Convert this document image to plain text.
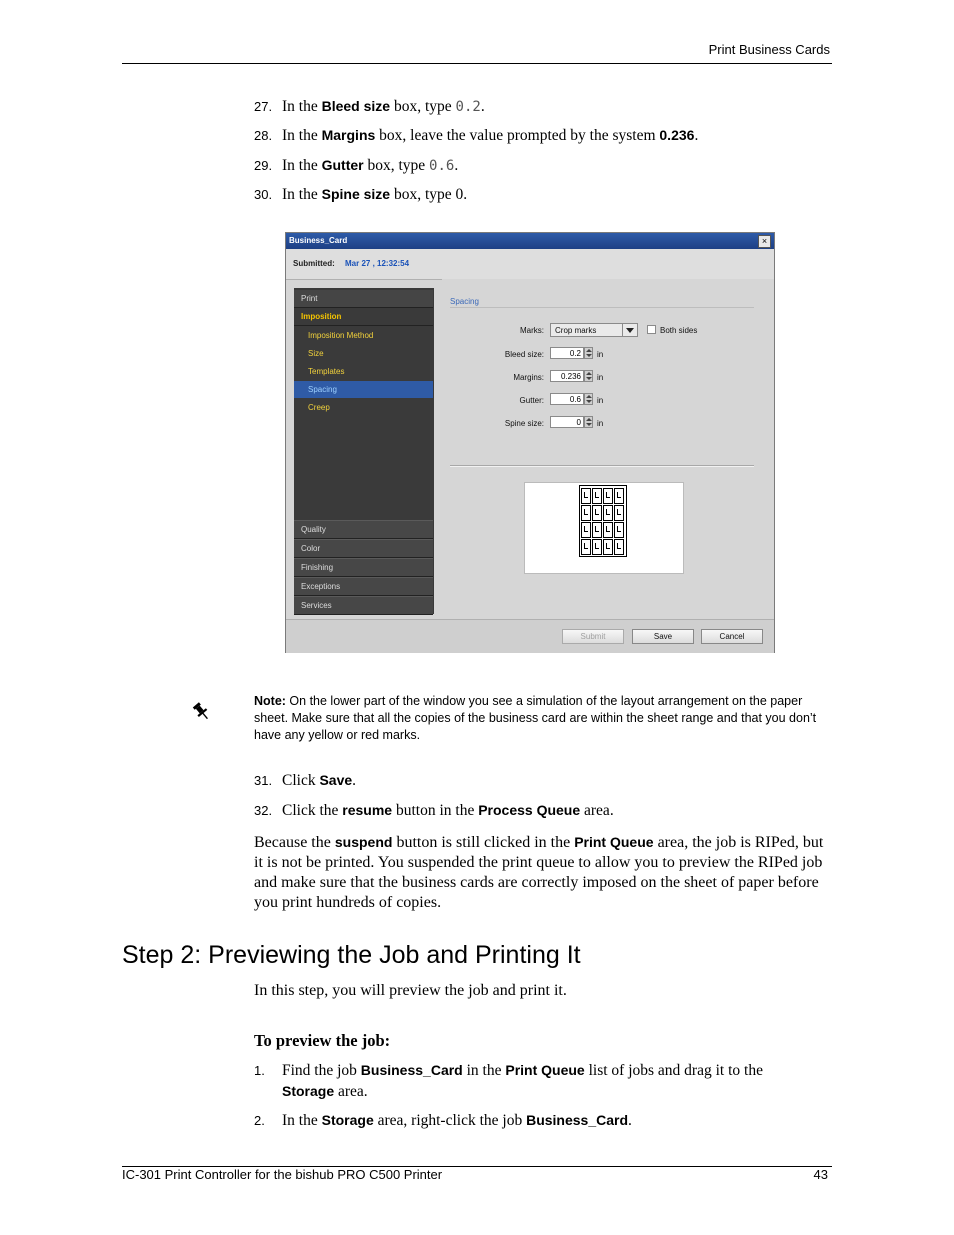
Print Business Cards
27. In the Bleed size box, type 0.2.
28. In the Margins box, leave the value prompted by the system 0.236.
29. In the Gutter box, type 0.6.
30. In the Spine size box, type 0.
Business_Card	×
Submitted: Mar 27 , 12:32:54
Print
Imposition
Imposition Method
Size
Templates
Spacing
Creep
Quality
Color
Finishing
Exceptions
Services
Spacing
Marks: Crop marks	Both sides
Bleed size:	0.2	in
Margins:	0.236	in
Gutter:	0.6	in
Spine size:	0	in
Submit	Save	Cancel
Note: On the lower part of the window you see a simulation of the layout arrangement on the paper sheet. Make sure that all the copies of the business card are within the sheet range and that you don’t have any yellow or red marks.
31. Click Save.
32. Click the resume button in the Process Queue area.
Because the suspend button is still clicked in the Print Queue area, the job is RIPed, but it is not be printed. You suspended the print queue to allow you to preview the RIPed job and make sure that the business cards are correctly imposed on the sheet of paper before you print hundreds of copies.
Step 2: Previewing the Job and Printing It
In this step, you will preview the job and print it.
To preview the job:
1. Find the job Business_Card in the Print Queue list of jobs and drag it to the
Storage area.
2. In the Storage area, right-click the job Business_Card.
IC-301 Print Controller for the bishub PRO C500 Printer	43
